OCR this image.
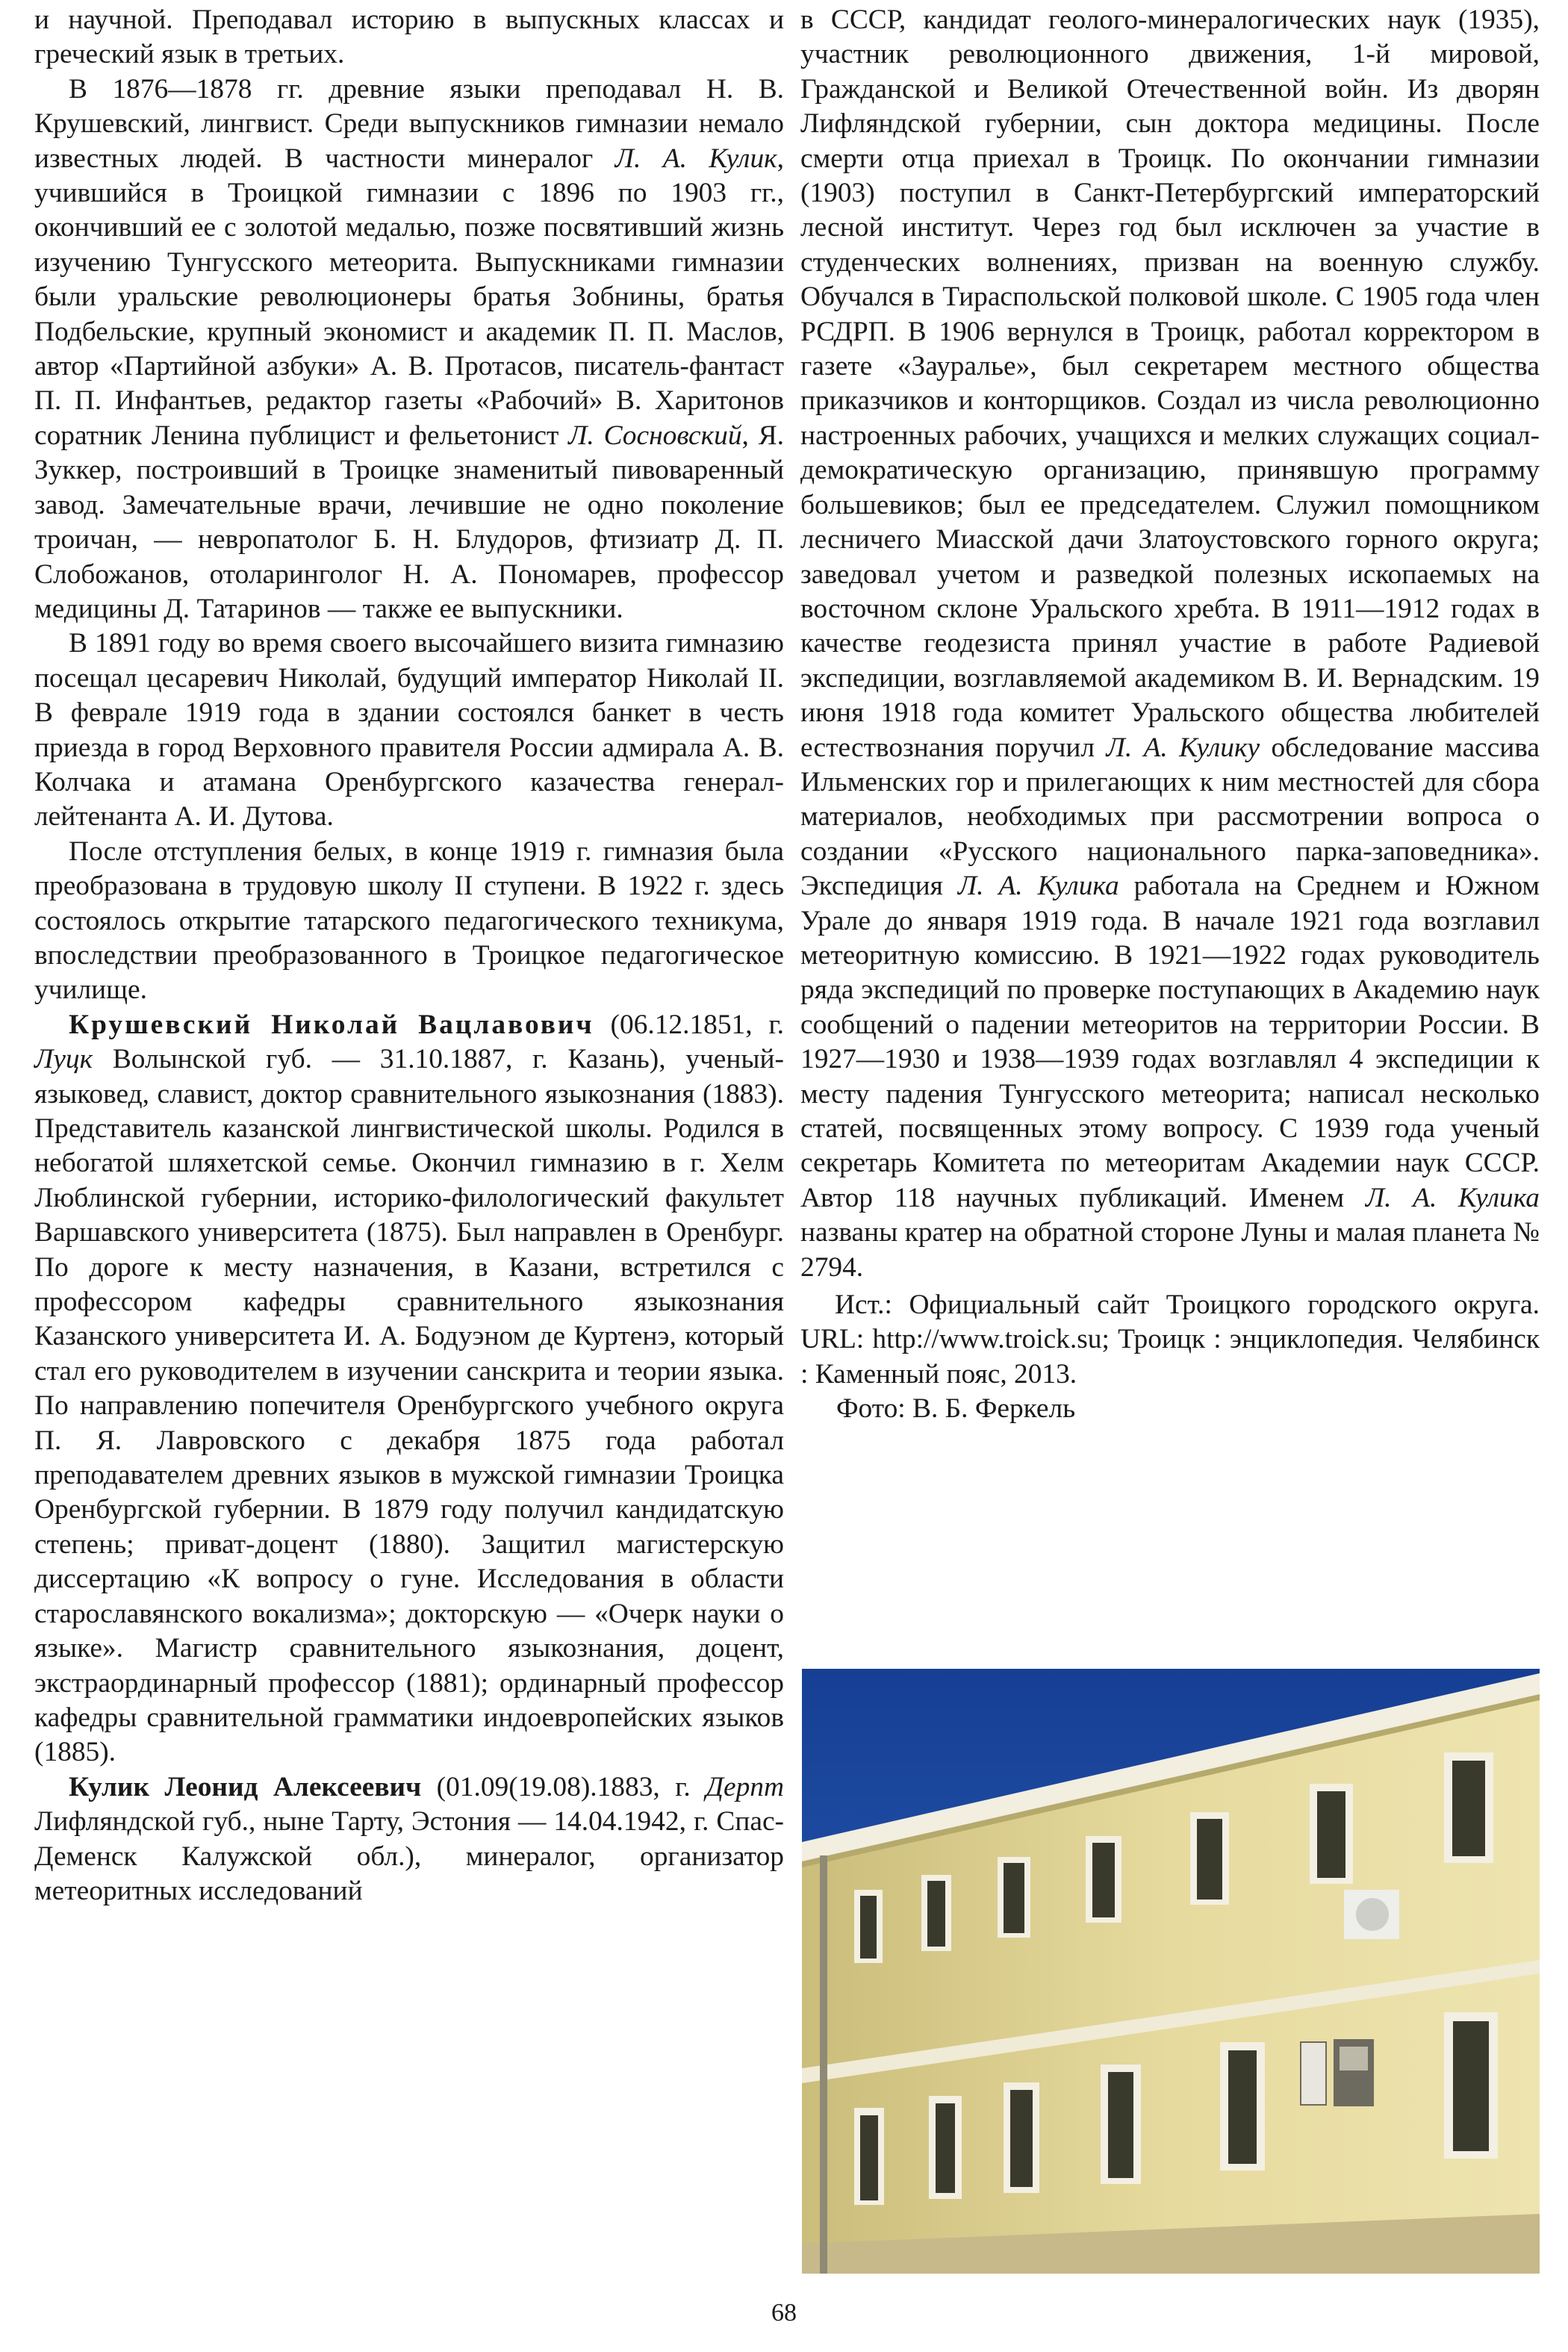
и научной. Преподавал историю в выпускных классах и греческий язык в третьих.

В 1876—1878 гг. древние языки преподавал Н. В. Крушевский, лингвист. Среди выпускников гимназии немало известных людей. В частности минералог Л. А. Кулик, учившийся в Троицкой гимназии с 1896 по 1903 гг., окончивший ее с золотой медалью, позже посвятивший жизнь изучению Тунгусского метеорита. Выпускниками гимназии были уральские революционеры братья Зобнины, братья Подбельские, крупный экономист и академик П. П. Маслов, автор «Партийной азбуки» А. В. Протасов, писатель-фантаст П. П. Инфантьев, редактор газеты «Рабочий» В. Харитонов соратник Ленина публицист и фельетонист Л. Сосновский, Я. Зуккер, построивший в Троицке знаменитый пивоваренный завод. Замечательные врачи, лечившие не одно поколение троичан, — невропатолог Б. Н. Блудоров, фтизиатр Д. П. Слобожанов, отоларинголог Н. А. Пономарев, профессор медицины Д. Татаринов — также ее выпускники.

В 1891 году во время своего высочайшего визита гимназию посещал цесаревич Николай, будущий император Николай II. В феврале 1919 года в здании состоялся банкет в честь приезда в город Верховного правителя России адмирала А. В. Колчака и атамана Оренбургского казачества генерал-лейтенанта А. И. Дутова.

После отступления белых, в конце 1919 г. гимназия была преобразована в трудовую школу II ступени. В 1922 г. здесь состоялось открытие татарского педагогического техникума, впоследствии преобразованного в Троицкое педагогическое училище.

Крушевский Николай Вацлавович (06.12.1851, г. Луцк Волынской губ. — 31.10.1887, г. Казань), ученый-языковед, славист, доктор сравнительного языкознания (1883). Представитель казанской лингвистической школы. Родился в небогатой шляхетской семье. Окончил гимназию в г. Хелм Люблинской губернии, историко-филологический факультет Варшавского университета (1875). Был направлен в Оренбург. По дороге к месту назначения, в Казани, встретился с профессором кафедры сравнительного языкознания Казанского университета И. А. Бодуэном де Куртенэ, который стал его руководителем в изучении санскрита и теории языка. По направлению попечителя Оренбургского учебного округа П. Я. Лавровского с декабря 1875 года работал преподавателем древних языков в мужской гимназии Троицка Оренбургской губернии. В 1879 году получил кандидатскую степень; приват-доцент (1880). Защитил магистерскую диссертацию «К вопросу о гуне. Исследования в области старославянского вокализма»; докторскую — «Очерк науки о языке». Магистр сравнительного языкознания, доцент, экстраординарный профессор (1881); ординарный профессор кафедры сравнительной грамматики индоевропейских языков (1885).

Кулик Леонид Алексеевич (01.09(19.08).1883, г. Дерпт Лифляндской губ., ныне Тарту, Эстония — 14.04.1942, г. Спас-Деменск Калужской обл.), минералог, организатор метеоритных исследований

в СССР, кандидат геолого-минералогических наук (1935), участник революционного движения, 1-й мировой, Гражданской и Великой Отечественной войн. Из дворян Лифляндской губернии, сын доктора медицины. После смерти отца приехал в Троицк. По окончании гимназии (1903) поступил в Санкт-Петербургский императорский лесной институт. Через год был исключен за участие в студенческих волнениях, призван на военную службу. Обучался в Тираспольской полковой школе. С 1905 года член РСДРП. В 1906 вернулся в Троицк, работал корректором в газете «Зауралье», был секретарем местного общества приказчиков и конторщиков. Создал из числа революционно настроенных рабочих, учащихся и мелких служащих социал-демократическую организацию, принявшую программу большевиков; был ее председателем. Служил помощником лесничего Миасской дачи Златоустовского горного округа; заведовал учетом и разведкой полезных ископаемых на восточном склоне Уральского хребта. В 1911—1912 годах в качестве геодезиста принял участие в работе Радиевой экспедиции, возглавляемой академиком В. И. Вернадским. 19 июня 1918 года комитет Уральского общества любителей естествознания поручил Л. А. Кулику обследование массива Ильменских гор и прилегающих к ним местностей для сбора материалов, необходимых при рассмотрении вопроса о создании «Русского национального парка-заповедника». Экспедиция Л. А. Кулика работала на Среднем и Южном Урале до января 1919 года. В начале 1921 года возглавил метеоритную комиссию. В 1921—1922 годах руководитель ряда экспедиций по проверке поступающих в Академию наук сообщений о падении метеоритов на территории России. В 1927—1930 и 1938—1939 годах возглавлял 4 экспедиции к месту падения Тунгусского метеорита; написал несколько статей, посвященных этому вопросу. С 1939 года ученый секретарь Комитета по метеоритам Академии наук СССР. Автор 118 научных публикаций. Именем Л. А. Кулика названы кратер на обратной стороне Луны и малая планета № 2794.

Ист.: Официальный сайт Троицкого городского округа. URL: http://www.troick.su; Троицк : энциклопедия. Челябинск : Каменный пояс, 2013.

Фото: В. Б. Феркель

68
